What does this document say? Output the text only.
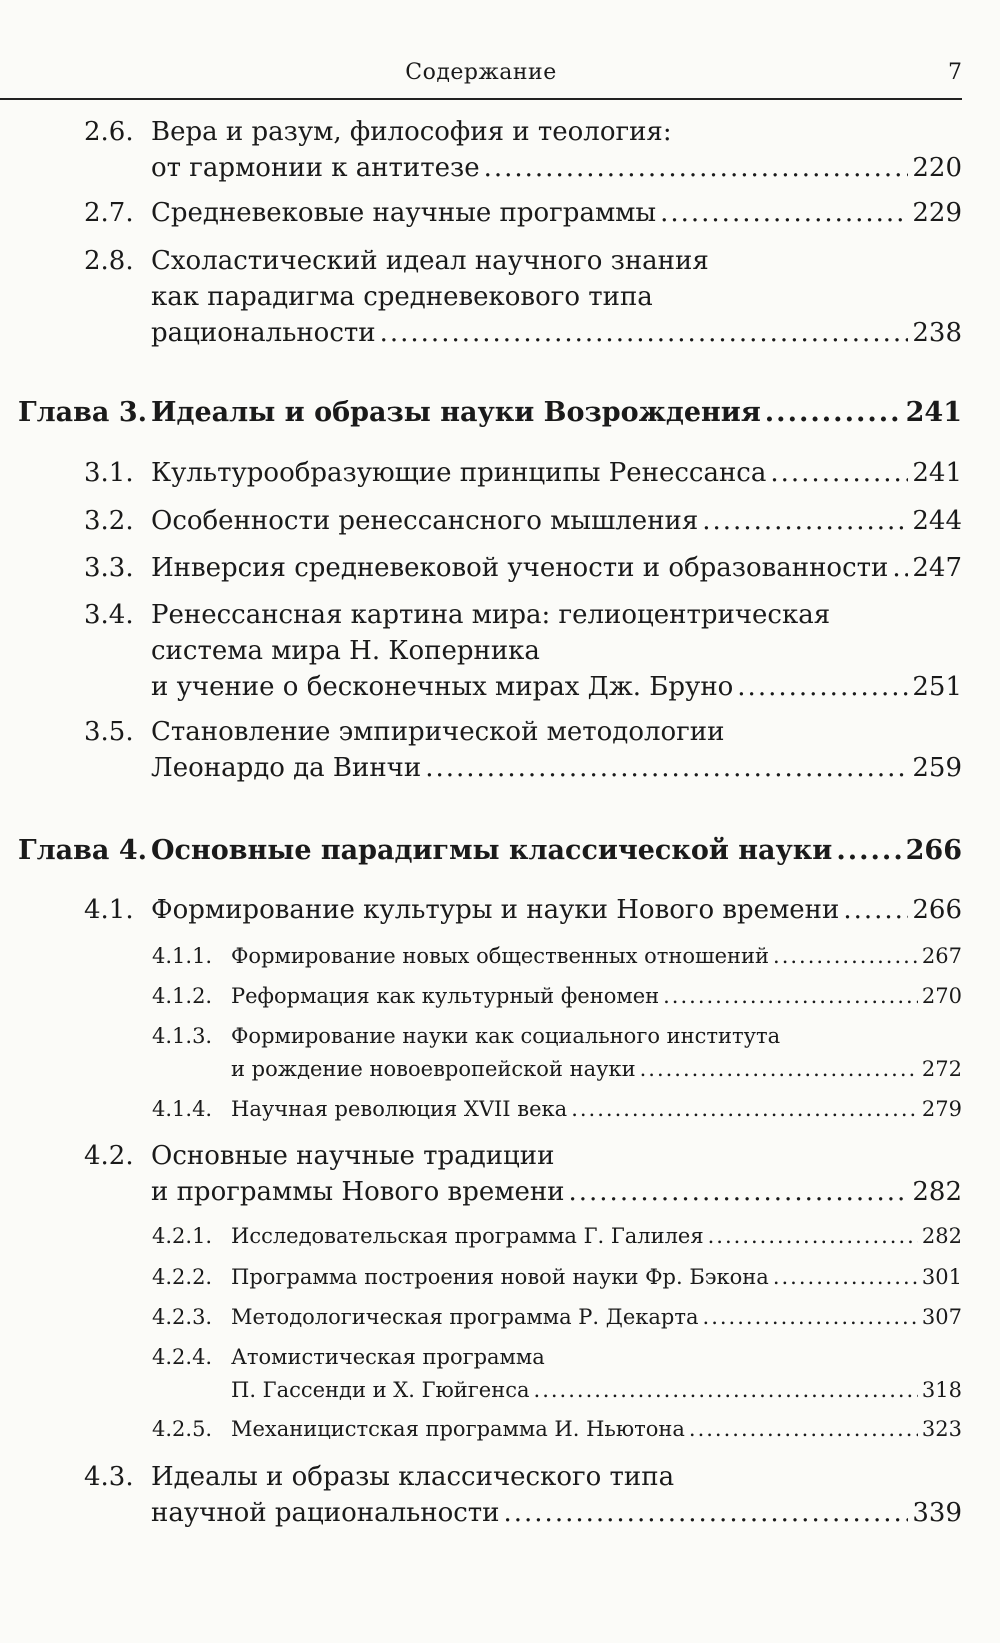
Содержание	7
2.6. Вера и разум, философия и теология:
от гармонии к антитезе .....	220
2.7. Средневековые научные программы .....	229
2.8. Схоластический идеал научного знания
как парадигма средневекового типа
рациональности .....	238
Глава 3. Идеалы и образы науки Возрождения .....	241
3.1. Культурообразующие принципы Ренессанса .....	241
3.2. Особенности ренессансного мышления .....	244
3.3. Инверсия средневековой учености и образованности ..... 247
3.4. Ренессансная картина мира: гелиоцентрическая
система мира Н. Коперника
и учение о бесконечных мирах Дж. Бруно .....	251
3.5. Становление эмпирической методологии
Леонардо да Винчи .....	259
Глава 4. Основные парадигмы классической науки .....	266
4.1. Формирование культуры и науки Нового времени .....	266
4.1.1. Формирование новых общественных отношений .....	267
4.1.2. Реформация как культурный феномен .....	270
4.1.3. Формирование науки как социального института
и рождение новоевропейской науки .....	272
4.1.4. Научная революция XVII века .....	279
4.2. Основные научные традиции
и программы Нового времени .....	282
4.2.1. Исследовательская программа Г. Галилея .....	282
4.2.2. Программа построения новой науки Фр. Бэкона .....	301
4.2.3. Методологическая программа Р. Декарта .....	307
4.2.4. Атомистическая программа
П. Гассенди и Х. Гюйгенса .....	318
4.2.5. Механицистская программа И. Ньютона .....	323
4.3. Идеалы и образы классического типа
научной рациональности .....	339
